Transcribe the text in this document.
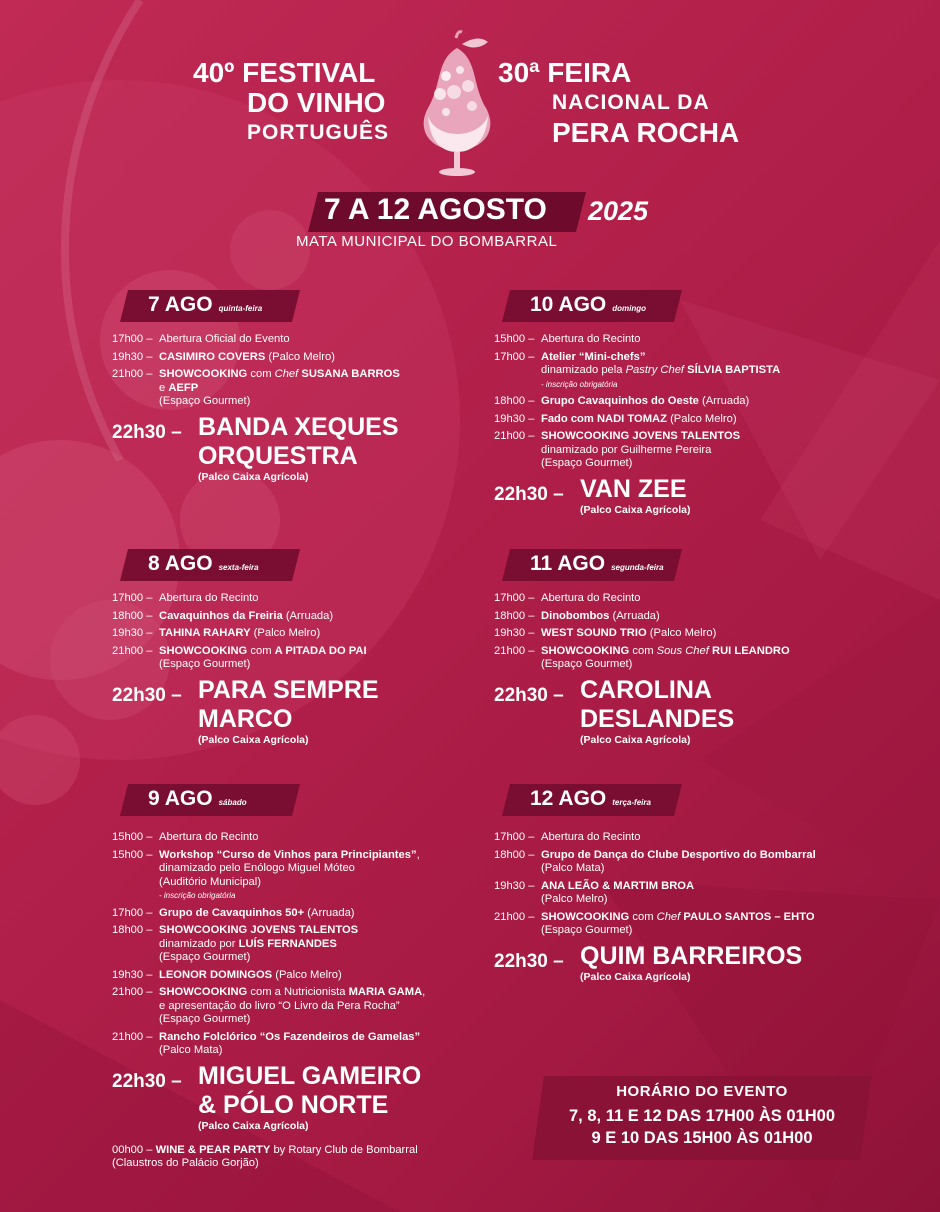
40º FESTIVAL
DO VINHO
PORTUGUÊS
30ª FEIRA
NACIONAL DA
PERA ROCHA
7 A 12 AGOSTO 2025
MATA MUNICIPAL DO BOMBARRAL
7 AGO quinta-feira
17h00 – Abertura Oficial do Evento
19h30 – CASIMIRO COVERS (Palco Melro)
21h00 – SHOWCOOKING com Chef SUSANA BARROS
e AEFP
(Espaço Gourmet)
22h30 – BANDA XEQUES
ORQUESTRA
(Palco Caixa Agrícola)
8 AGO sexta-feira
17h00 – Abertura do Recinto
18h00 – Cavaquinhos da Freiria (Arruada)
19h30 – TAHINA RAHARY (Palco Melro)
21h00 – SHOWCOOKING com A PITADA DO PAI
(Espaço Gourmet)
22h30 – PARA SEMPRE
MARCO
(Palco Caixa Agrícola)
9 AGO sábado
15h00 – Abertura do Recinto
15h00 – Workshop “Curso de Vinhos para Principiantes”,
dinamizado pelo Enólogo Miguel Móteo
(Auditório Municipal)
- inscrição obrigatória
17h00 – Grupo de Cavaquinhos 50+ (Arruada)
18h00 – SHOWCOOKING JOVENS TALENTOS
dinamizado por LUÍS FERNANDES
(Espaço Gourmet)
19h30 – LEONOR DOMINGOS (Palco Melro)
21h00 – SHOWCOOKING com a Nutricionista MARIA GAMA,
e apresentação do livro “O Livro da Pera Rocha”
(Espaço Gourmet)
21h00 – Rancho Folclórico “Os Fazendeiros de Gamelas”
(Palco Mata)
22h30 – MIGUEL GAMEIRO
& PÓLO NORTE
(Palco Caixa Agrícola)
00h00 – WINE & PEAR PARTY by Rotary Club de Bombarral
(Claustros do Palácio Gorjão)
10 AGO domingo
15h00 – Abertura do Recinto
17h00 – Atelier “Mini-chefs”
dinamizado pela Pastry Chef SÍLVIA BAPTISTA
- inscrição obrigatória
18h00 – Grupo Cavaquinhos do Oeste (Arruada)
19h30 – Fado com NADI TOMAZ (Palco Melro)
21h00 – SHOWCOOKING JOVENS TALENTOS
dinamizado por Guilherme Pereira
(Espaço Gourmet)
22h30 – VAN ZEE
(Palco Caixa Agrícola)
11 AGO segunda-feira
17h00 – Abertura do Recinto
18h00 – Dinobombos (Arruada)
19h30 – WEST SOUND TRIO (Palco Melro)
21h00 – SHOWCOOKING com Sous Chef RUI LEANDRO
(Espaço Gourmet)
22h30 – CAROLINA
DESLANDES
(Palco Caixa Agrícola)
12 AGO terça-feira
17h00 – Abertura do Recinto
18h00 – Grupo de Dança do Clube Desportivo do Bombarral
(Palco Mata)
19h30 – ANA LEÃO & MARTIM BROA
(Palco Melro)
21h00 – SHOWCOOKING com Chef PAULO SANTOS – EHTO
(Espaço Gourmet)
22h30 – QUIM BARREIROS
(Palco Caixa Agrícola)
HORÁRIO DO EVENTO
7, 8, 11 E 12 DAS 17H00 ÀS 01H00
9 E 10 DAS 15H00 ÀS 01H00
